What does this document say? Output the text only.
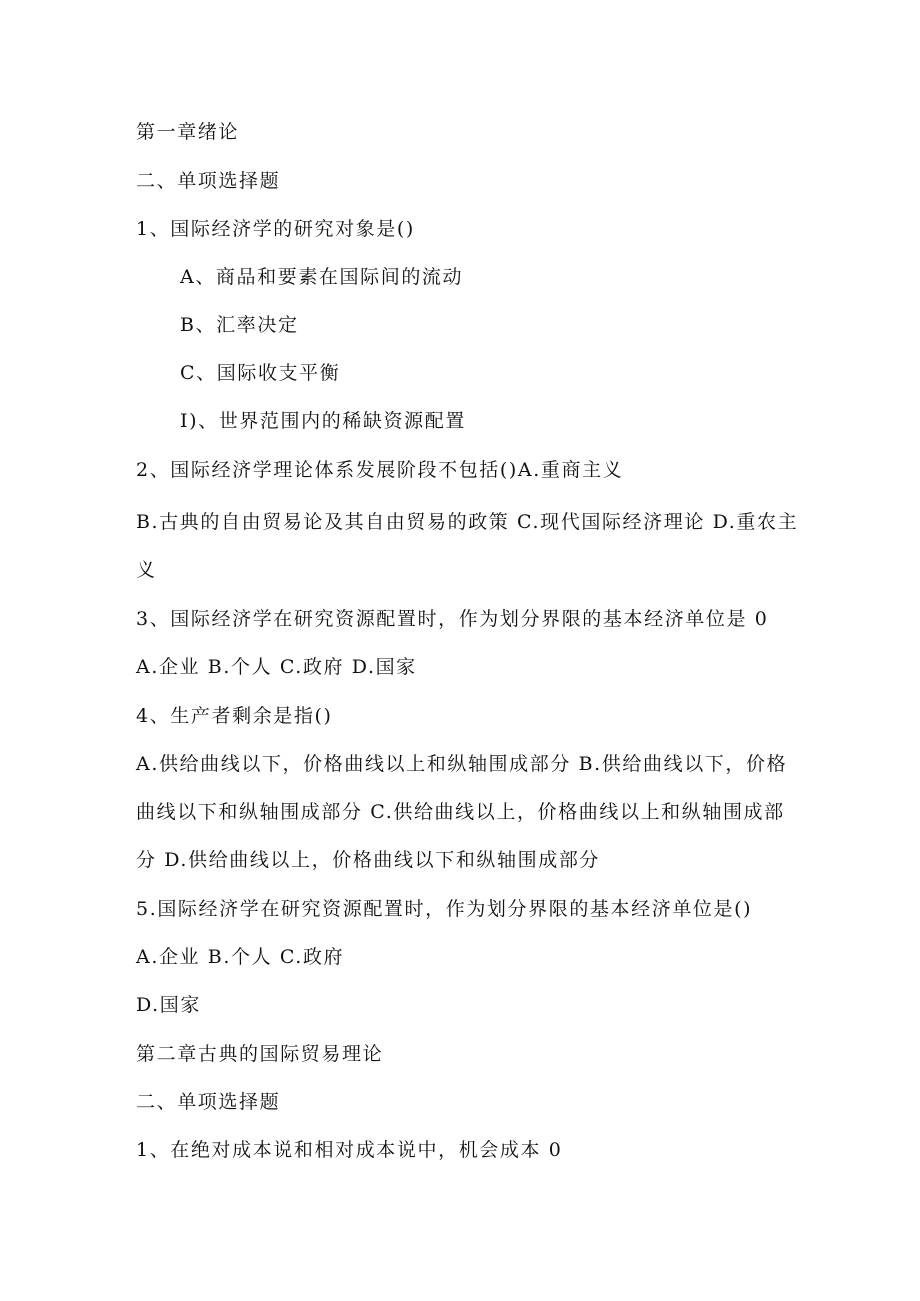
第一章绪论
二、单项选择题
1、国际经济学的研究对象是()
A、商品和要素在国际间的流动
B、汇率决定
C、国际收支平衡
I)、世界范围内的稀缺资源配置
2、国际经济学理论体系发展阶段不包括()A.重商主义
B.古典的自由贸易论及其自由贸易的政策 C.现代国际经济理论 D.重农主
义
3、国际经济学在研究资源配置时，作为划分界限的基本经济单位是 0
A.企业 B.个人 C.政府 D.国家
4、生产者剩余是指()
A.供给曲线以下，价格曲线以上和纵轴围成部分 B.供给曲线以下，价格
曲线以下和纵轴围成部分 C.供给曲线以上，价格曲线以上和纵轴围成部
分 D.供给曲线以上，价格曲线以下和纵轴围成部分
5.国际经济学在研究资源配置时，作为划分界限的基本经济单位是()
A.企业 B.个人 C.政府
D.国家
第二章古典的国际贸易理论
二、单项选择题
1、在绝对成本说和相对成本说中，机会成本 0
